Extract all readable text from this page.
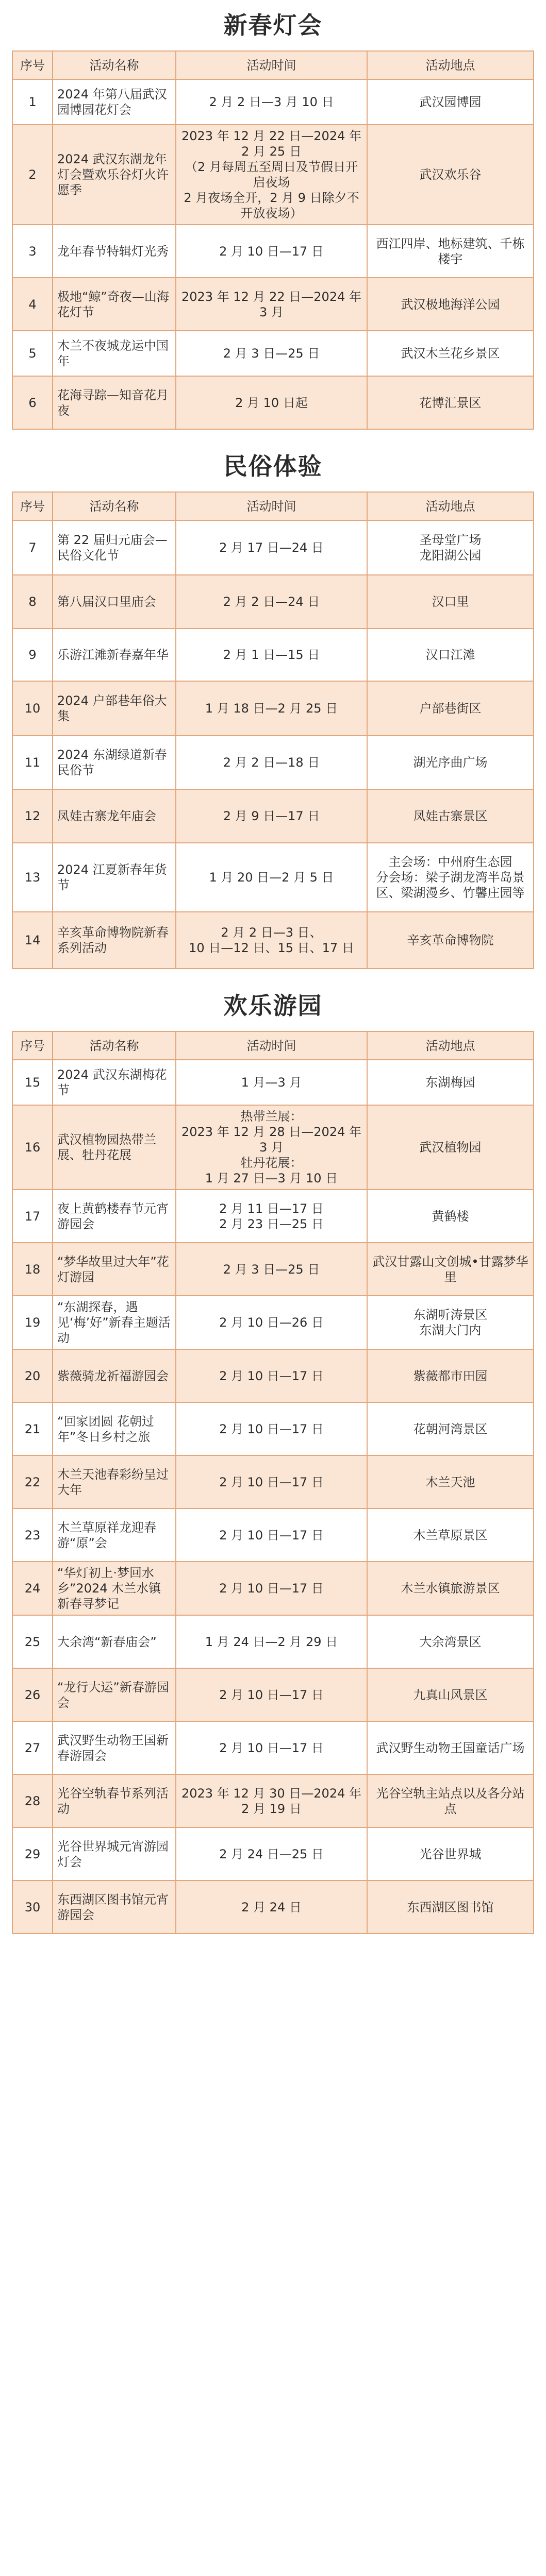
新春灯会
序号	活动名称	活动时间	活动地点
1	2024 年第八届武汉园博园花灯会	2 月 2 日—3 月 10 日	武汉园博园

2	2024 武汉东湖龙年灯会暨欢乐谷灯火许愿季	2023 年 12 月 22 日—2024 年 2 月 25 日
（2 月每周五至周日及节假日开启夜场
2 月夜场全开，2 月 9 日除夕不开放夜场）	武汉欢乐谷

3	龙年春节特辑灯光秀	2 月 10 日—17 日	西江四岸、地标建筑、千栋楼宇

4	极地“鲸”奇夜—山海花灯节	2023 年 12 月 22 日—2024 年 3 月	武汉极地海洋公园

5	木兰不夜城龙运中国年	2 月 3 日—25 日	武汉木兰花乡景区

6	花海寻踪—知音花月夜	2 月 10 日起	花博汇景区
民俗体验
序号	活动名称	活动时间	活动地点
7	第 22 届归元庙会—民俗文化节	2 月 17 日—24 日	圣母堂广场
龙阳湖公园

8	第八届汉口里庙会	2 月 2 日—24 日	汉口里

9	乐游江滩新春嘉年华	2 月 1 日—15 日	汉口江滩

10	2024 户部巷年俗大集	1 月 18 日—2 月 25 日	户部巷街区

11	2024 东湖绿道新春民俗节	2 月 2 日—18 日	湖光序曲广场

12	凤娃古寨龙年庙会	2 月 9 日—17 日	凤娃古寨景区

13	2024 江夏新春年货节	1 月 20 日—2 月 5 日	主会场：中州府生态园
分会场：梁子湖龙湾半岛景区、梁湖漫乡、竹馨庄园等

14	辛亥革命博物院新春系列活动	2 月 2 日—3 日、
10 日—12 日、15 日、17 日	辛亥革命博物院
欢乐游园
序号	活动名称	活动时间	活动地点
15	2024 武汉东湖梅花节	1 月—3 月	东湖梅园

16	武汉植物园热带兰展、牡丹花展	热带兰展：
2023 年 12 月 28 日—2024 年 3 月
牡丹花展：
1 月 27 日—3 月 10 日	武汉植物园

17	夜上黄鹤楼春节元宵游园会	2 月 11 日—17 日
2 月 23 日—25 日	黄鹤楼

18	“梦华故里过大年”花灯游园	2 月 3 日—25 日	武汉甘露山文创城•甘露梦华里

19	“东湖探春，遇见‘梅’好”新春主题活动	2 月 10 日—26 日	东湖听涛景区
东湖大门内

20	紫薇骑龙祈福游园会	2 月 10 日—17 日	紫薇都市田园

21	“回家团圆 花朝过年”冬日乡村之旅	2 月 10 日—17 日	花朝河湾景区

22	木兰天池春彩纷呈过大年	2 月 10 日—17 日	木兰天池

23	木兰草原祥龙迎春游“原”会	2 月 10 日—17 日	木兰草原景区

24	“华灯初上·梦回水乡”2024 木兰水镇新春寻梦记	2 月 10 日—17 日	木兰水镇旅游景区

25	大余湾“新春庙会”	1 月 24 日—2 月 29 日	大余湾景区

26	“龙行大运”新春游园会	2 月 10 日—17 日	九真山风景区

27	武汉野生动物王国新春游园会	2 月 10 日—17 日	武汉野生动物王国童话广场

28	光谷空轨春节系列活动	2023 年 12 月 30 日—2024 年 2 月 19 日	光谷空轨主站点以及各分站点

29	光谷世界城元宵游园灯会	2 月 24 日—25 日	光谷世界城

30	东西湖区图书馆元宵游园会	2 月 24 日	东西湖区图书馆
